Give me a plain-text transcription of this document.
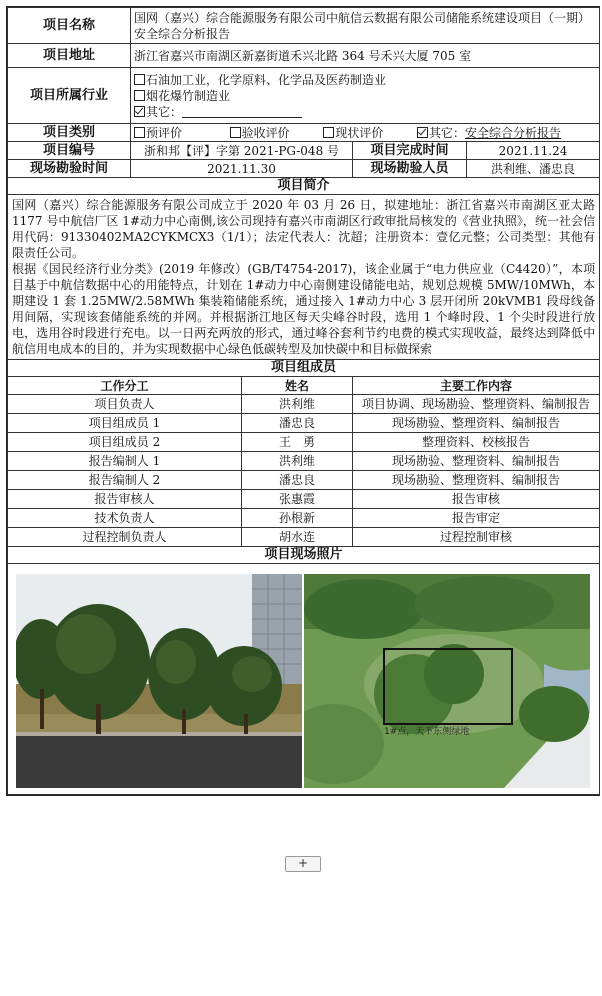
项目名称	国网（嘉兴）综合能源服务有限公司中航信云数据有限公司储能系统建设项目（一期）安全综合分析报告			
项目地址	浙江省嘉兴市南湖区新嘉街道禾兴北路 364 号禾兴大厦 705 室			
项目所属行业	石油加工业，化学原料、化学品及医药制造业
烟花爆竹制造业
其它：			

项目类别	预评价 验收评价 现状评价 其它：安全综合分析报告			
项目编号	浙和邦【评】字第 2021-PG-048 号		项目完成时间	2021.11.24
现场勘验时间	2021.11.30		现场勘验人员	洪利维、潘忠良
项目简介				

国网（嘉兴）综合能源服务有限公司成立于 2020 年 03 月 26 日，拟建地址：浙江省嘉兴市南湖区亚太路 1177 号中航信厂区 1#动力中心南侧,该公司现持有嘉兴市南湖区行政审批局核发的《营业执照》，统一社会信用代码：91330402MA2CYKMCX3（1/1）；法定代表人：沈超；注册资本：壹亿元整；公司类型：其他有限责任公司。

根据《国民经济行业分类》(2019 年修改）(GB/T4754-2017)，该企业属于“电力供应业（C4420）”，本项目基于中航信数据中心的用能特点，计划在 1#动力中心南侧建设储能电站，规划总规模 5MW/10MWh，本期建设 1 套 1.25MW/2.58MWh 集装箱储能系统，通过接入 1#动力中心 3 层开闭所 20kVMB1 段母线备用间隔，实现该套储能系统的并网。并根据浙江地区每天尖峰谷时段，选用 1 个峰时段、1 个尖时段进行放电，选用谷时段进行充电。以一日两充两放的形式，通过峰谷套利节约电费的模式实现收益，最终达到降低中航信用电成本的目的，并为实现数据中心绿色低碳转型及加快碳中和目标做探索				

项目组成员				
工作分工		姓名	主要工作内容	
项目负责人		洪利维	项目协调、现场勘验、整理资料、编制报告	
项目组成员 1		潘忠良	现场勘验、整理资料、编制报告	
项目组成员 2		王　勇	整理资料、校核报告	
报告编制人 1		洪利维	现场勘验、整理资料、编制报告	
报告编制人 2		潘忠良	现场勘验、整理资料、编制报告	
报告审核人		张惠霞	报告审核	
技术负责人		孙根新	报告审定	
过程控制负责人		胡水连	过程控制审核	
项目现场照片				

1#点，天下东侧绿地				
+
